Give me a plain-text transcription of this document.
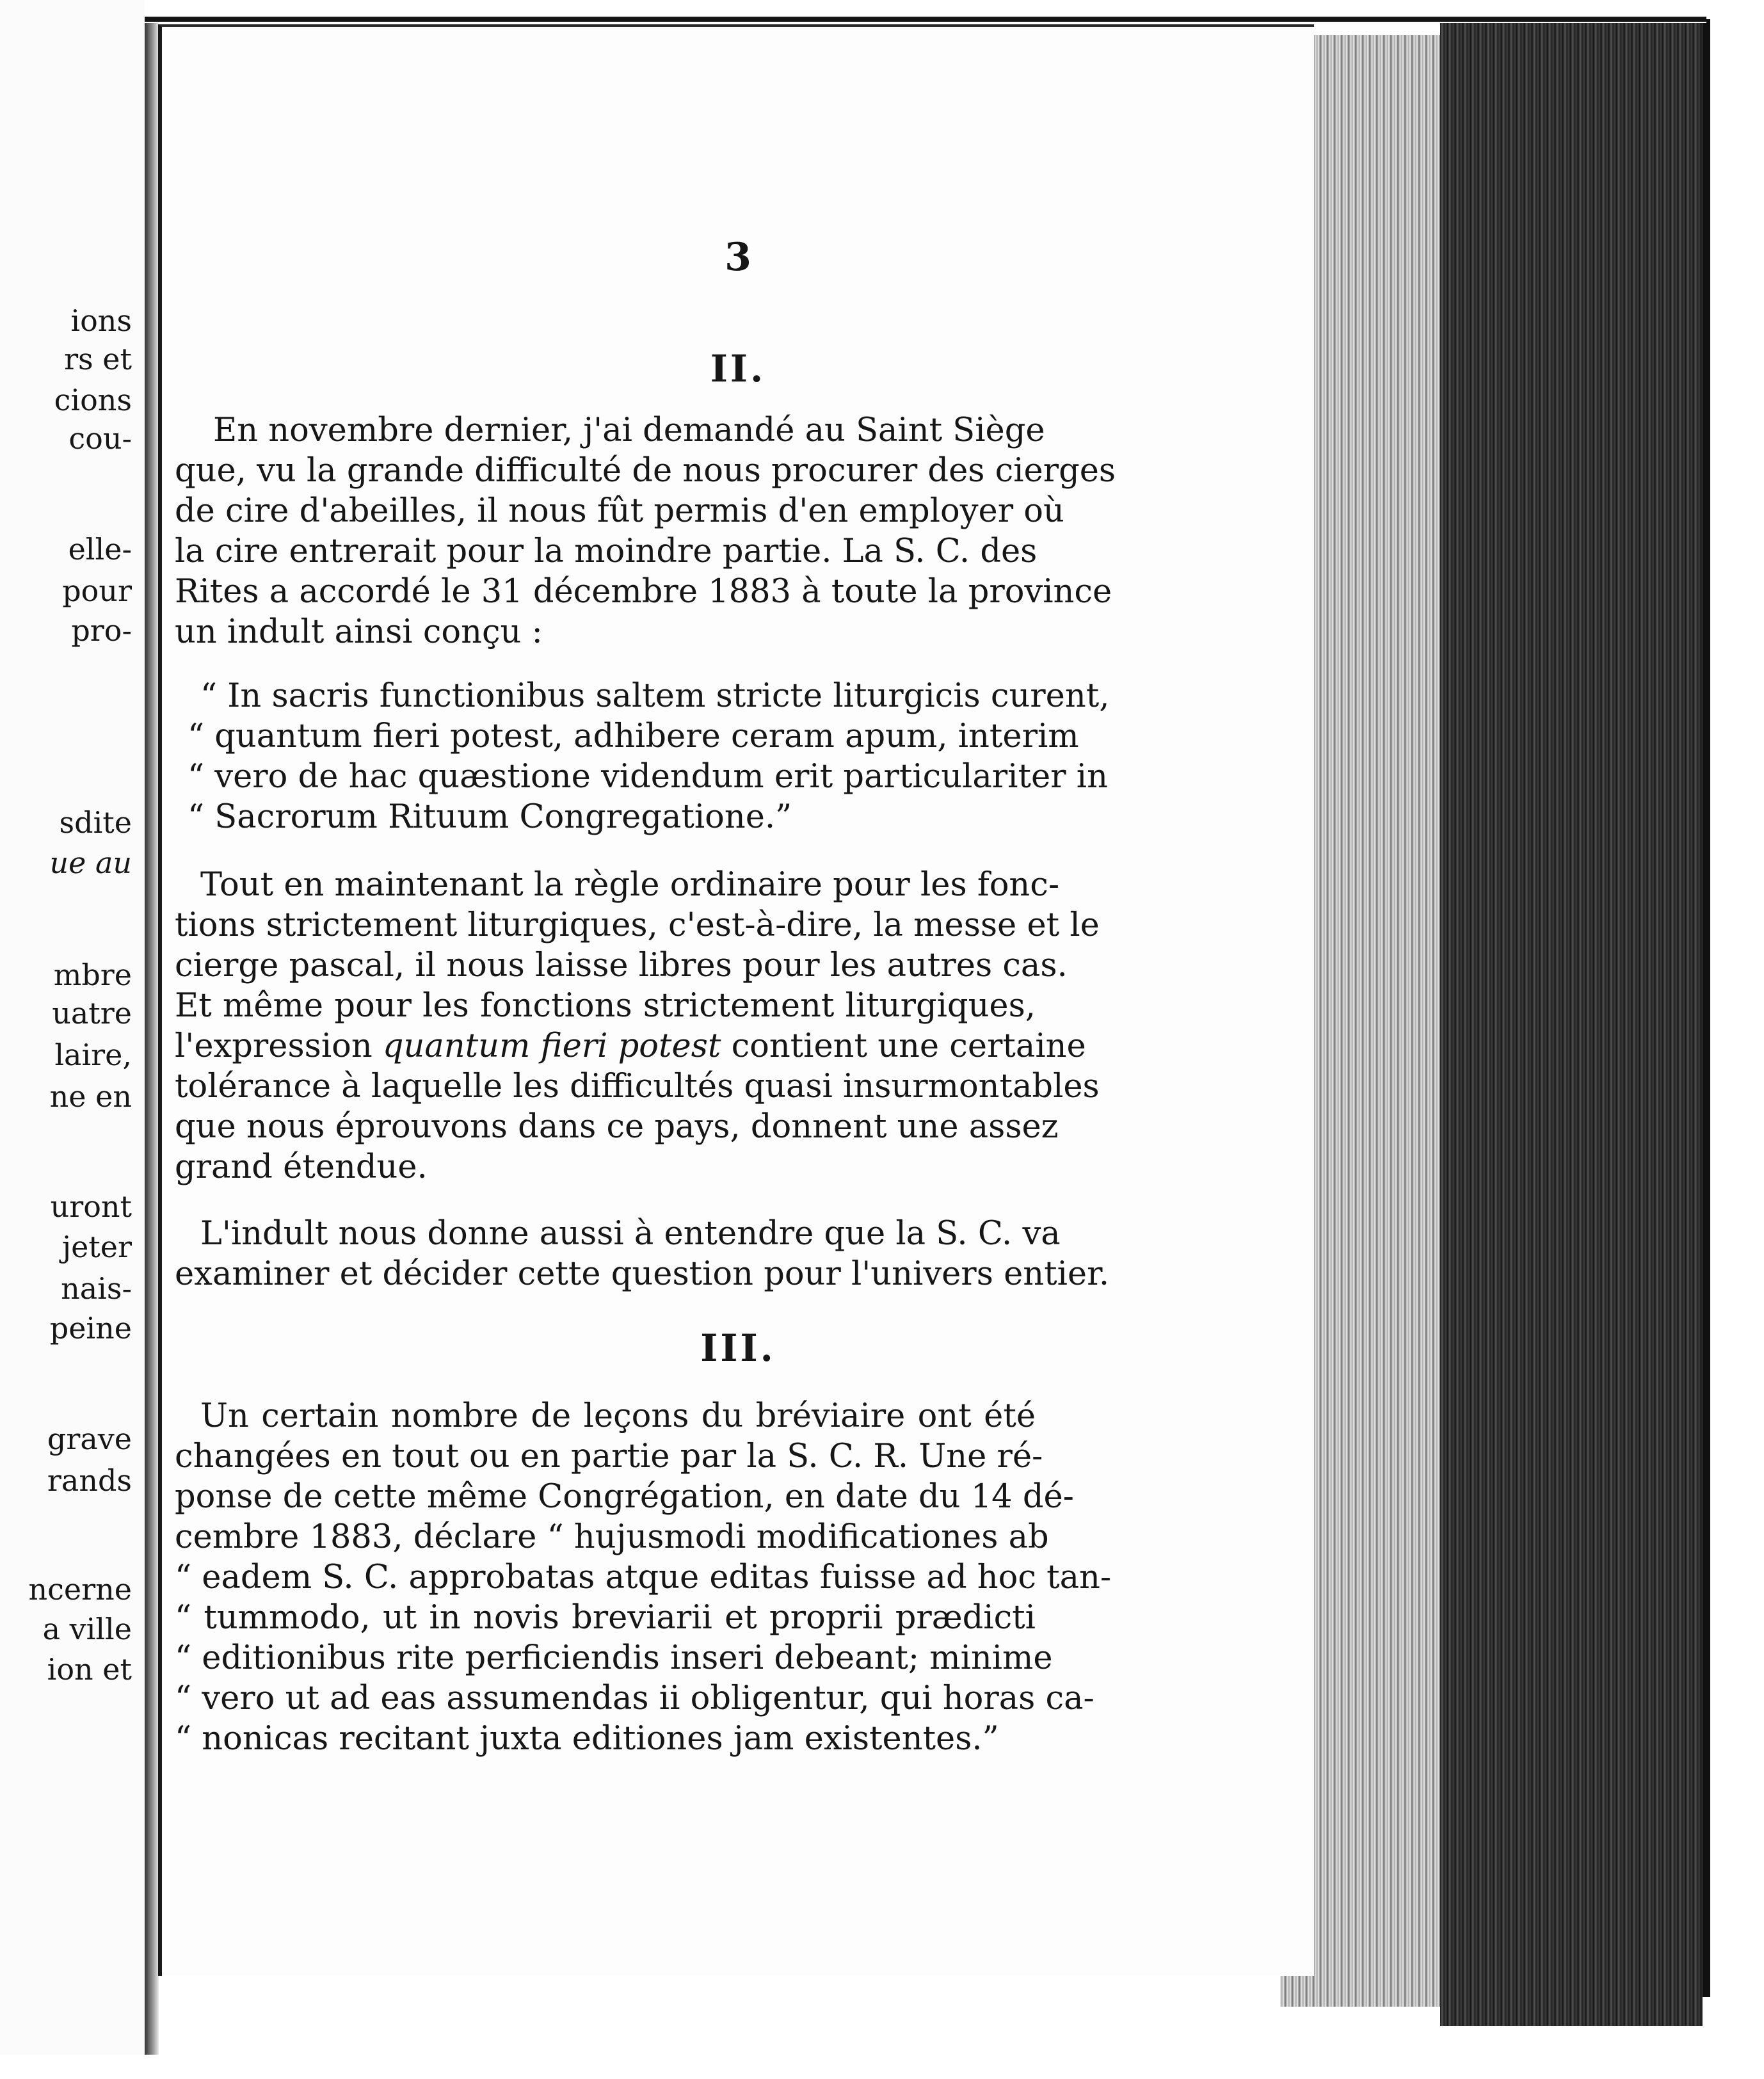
ions
rs et
cions
cou-
elle-
pour
pro-
sdite
ue au
mbre
uatre
laire,
ne en
uront
jeter
nais-
peine
grave
rands
ncerne
a ville
ion et
3
II.
En novembre dernier, j'ai demandé au Saint Siège
que, vu la grande difficulté de nous procurer des cierges
de cire d'abeilles, il nous fût permis d'en employer où
la cire entrerait pour la moindre partie. La S. C. des
Rites a accordé le 31 décembre 1883 à toute la province
un indult ainsi conçu :
“ In sacris functionibus saltem stricte liturgicis curent,
“ quantum fieri potest, adhibere ceram apum, interim
“ vero de hac quæstione videndum erit particulariter in
“ Sacrorum Rituum Congregatione.”
Tout en maintenant la règle ordinaire pour les fonc-
tions strictement liturgiques, c'est-à-dire, la messe et le
cierge pascal, il nous laisse libres pour les autres cas.
Et même pour les fonctions strictement liturgiques,
l'expression quantum fieri potest contient une certaine
tolérance à laquelle les difficultés quasi insurmontables
que nous éprouvons dans ce pays, donnent une assez
grand étendue.
L'indult nous donne aussi à entendre que la S. C. va
examiner et décider cette question pour l'univers entier.
III.
Un certain nombre de leçons du bréviaire ont été
changées en tout ou en partie par la S. C. R. Une ré-
ponse de cette même Congrégation, en date du 14 dé-
cembre 1883, déclare “ hujusmodi modificationes ab
“ eadem S. C. approbatas atque editas fuisse ad hoc tan-
“ tummodo, ut in novis breviarii et proprii prædicti
“ editionibus rite perficiendis inseri debeant; minime
“ vero ut ad eas assumendas ii obligentur, qui horas ca-
“ nonicas recitant juxta editiones jam existentes.”
